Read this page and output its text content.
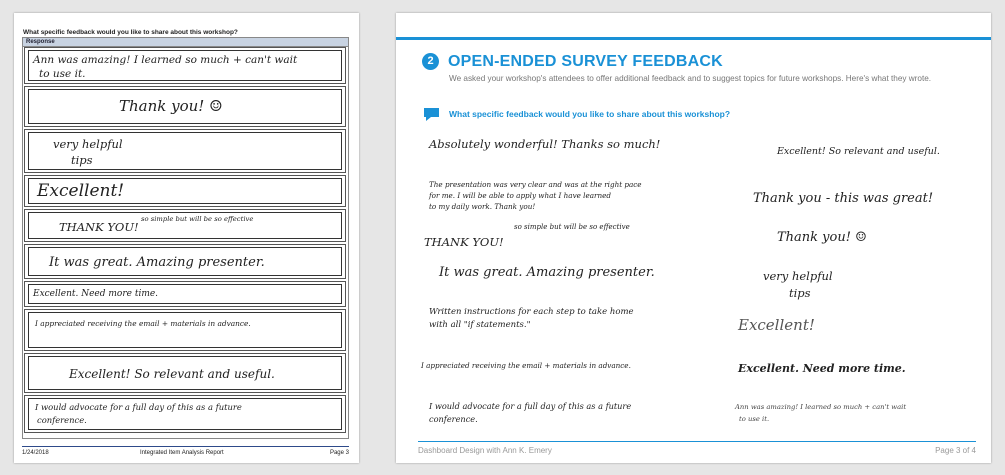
What specific feedback would you like to share about this workshop?
Response
Ann was amazing! I learned so much + can't wait
to use it.
Thank you! ☺
very helpful
tips
Excellent!
THANK YOU!
so simple but will be so effective
It was great. Amazing presenter.
Excellent. Need more time.
I appreciated receiving the email + materials in advance.
Excellent! So relevant and useful.
I would advocate for a full day of this as a future
conference.
1/24/2018	Integrated Item Analysis Report	Page 3
2 OPEN-ENDED SURVEY FEEDBACK
We asked your workshop's attendees to offer additional feedback and to suggest topics for future workshops. Here's what they wrote.
What specific feedback would you like to share about this workshop?
Absolutely wonderful! Thanks so much!
The presentation was very clear and was at the right pace
for me. I will be able to apply what I have learned
to my daily work. Thank you!
THANK YOU!
so simple but will be so effective
It was great. Amazing presenter.
Written instructions for each step to take home
with all "if statements."
I appreciated receiving the email + materials in advance.
I would advocate for a full day of this as a future
conference.
Excellent! So relevant and useful.
Thank you - this was great!
Thank you! ☺
very helpful
tips
Excellent!
Excellent. Need more time.
Ann was amazing! I learned so much + can't wait
to use it.
Dashboard Design with Ann K. Emery	Page 3 of 4
